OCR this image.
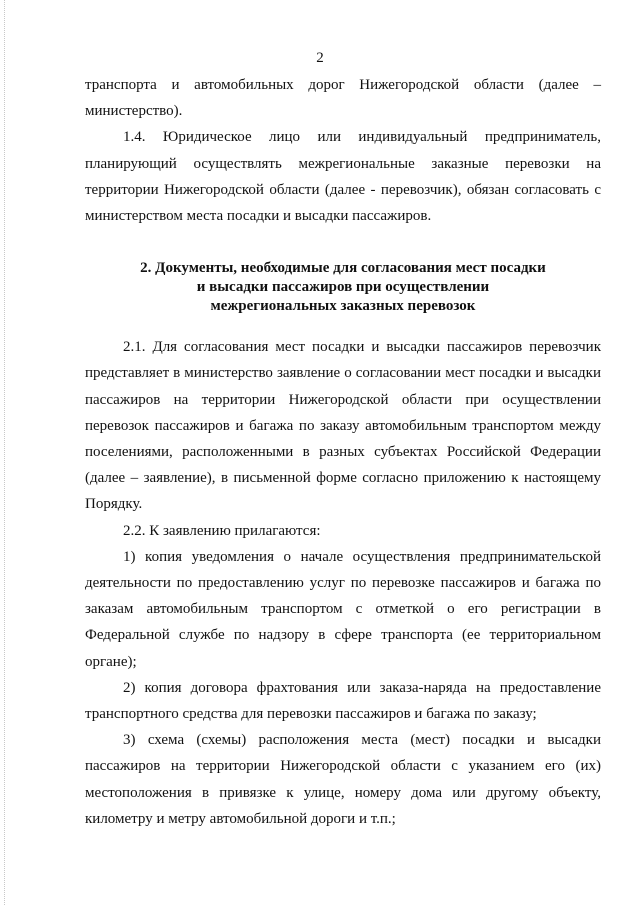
2

транспорта и автомобильных дорог Нижегородской области (далее – министерство).

1.4. Юридическое лицо или индивидуальный предприниматель, планирующий осуществлять межрегиональные заказные перевозки на территории Нижегородской области (далее - перевозчик), обязан согласовать с министерством места посадки и высадки пассажиров.

2. Документы, необходимые для согласования мест посадки
и высадки пассажиров при осуществлении
межрегиональных заказных перевозок

2.1. Для согласования мест посадки и высадки пассажиров перевозчик представляет в министерство заявление о согласовании мест посадки и высадки пассажиров на территории Нижегородской области при осуществлении перевозок пассажиров и багажа по заказу автомобильным транспортом между поселениями, расположенными в разных субъектах Российской Федерации (далее – заявление), в письменной форме согласно приложению к настоящему Порядку.

2.2. К заявлению прилагаются:

1) копия уведомления о начале осуществления предпринимательской деятельности по предоставлению услуг по перевозке пассажиров и багажа по заказам автомобильным транспортом с отметкой о его регистрации в Федеральной службе по надзору в сфере транспорта (ее территориальном органе);

2) копия договора фрахтования или заказа-наряда на предоставление транспортного средства для перевозки пассажиров и багажа по заказу;

3) схема (схемы) расположения места (мест) посадки и высадки пассажиров на территории Нижегородской области с указанием его (их) местоположения в привязке к улице, номеру дома или другому объекту, километру и метру автомобильной дороги и т.п.;
